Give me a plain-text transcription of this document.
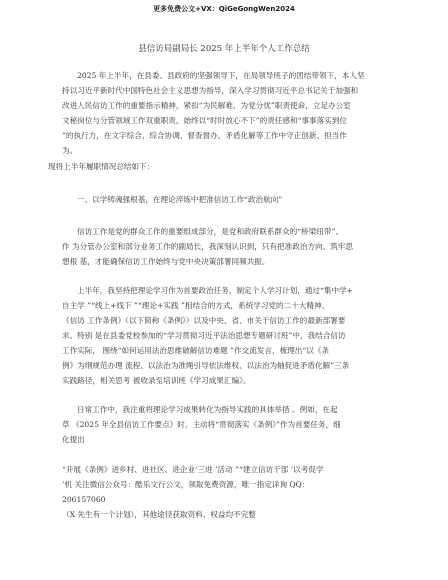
更多免费公文+VX：QiGeGongWen2024
县信访局副局长 2025 年上半年个人工作总结
2025 年上半年，在县委、县政府的坚强领导下，在局领导班子的团结带领下，本人坚
持以习近平新时代中国特色社会主义思想为指导，深入学习贯彻习近平总书记关于加强和
改进人民信访工作的重要指示精神，紧扣“为民解难、为党分忧”职责使命，立足办公室
文秘岗位与分管领域工作双重职责，始终以“时时放心不下”的责任感和“事事落实到位
”的执行力，在文字综合、综合协调、督查督办、矛盾化解等工作中守正创新、担当作
为。
现将上半年履职情况总结如下：
一、以学铸魂强根基，在理论淬炼中把准信访工作“政治航向”
信访工作是党的群众工作的重要组成部分，是党和政府联系群众的“桥梁纽带”、
作 为分管办公室和部分业务工作的副局长，我深刻认识到，只有把准政治方向、筑牢思
想根 基，才能确保信访工作始终与党中央决策部署同频共振。
上半年，我坚持把理论学习作为首要政治任务，制定个人学习计划，通过“集中学+
自主学 ”“线上+线下 ”“理论+实践 ”相结合的方式，系统学习党的二十大精神、
《信访 工作条例》（以下简称《条例》）以及中央、省、市关于信访工作的最新部署要
求。特别 是在县委党校参加的“学习贯彻习近平法治思想专题研讨班”中，我结合信访
工作实际， 围绕“如何运用法治思维破解信访难题 ”作交流发言，梳理出“以《条
例》为纲规范办理 流程、以法治为准绳引导依法维权、以法治为轴促进矛盾化解”三条
实践路径，相关思考 被收录至培训班《学习成果汇编》。
日常工作中，我注重将理论学习成果转化为指导实践的具体举措 。例如，在起
草 《2025 年全县信访工作要点》时，主动将“贯彻落实《条例》”作为首要任务，细
化提出
“开展《条例》进乡村、进社区、进企业‘三进 ’活动 ”“建立信访干部 ’以考促学
’机 关注微信公众号：酷乐文行公文，领取免费资源，唯一指定详询 QQ：
206157060
（X 先生有一个计划），其他途径获取资料、权益均不完整
